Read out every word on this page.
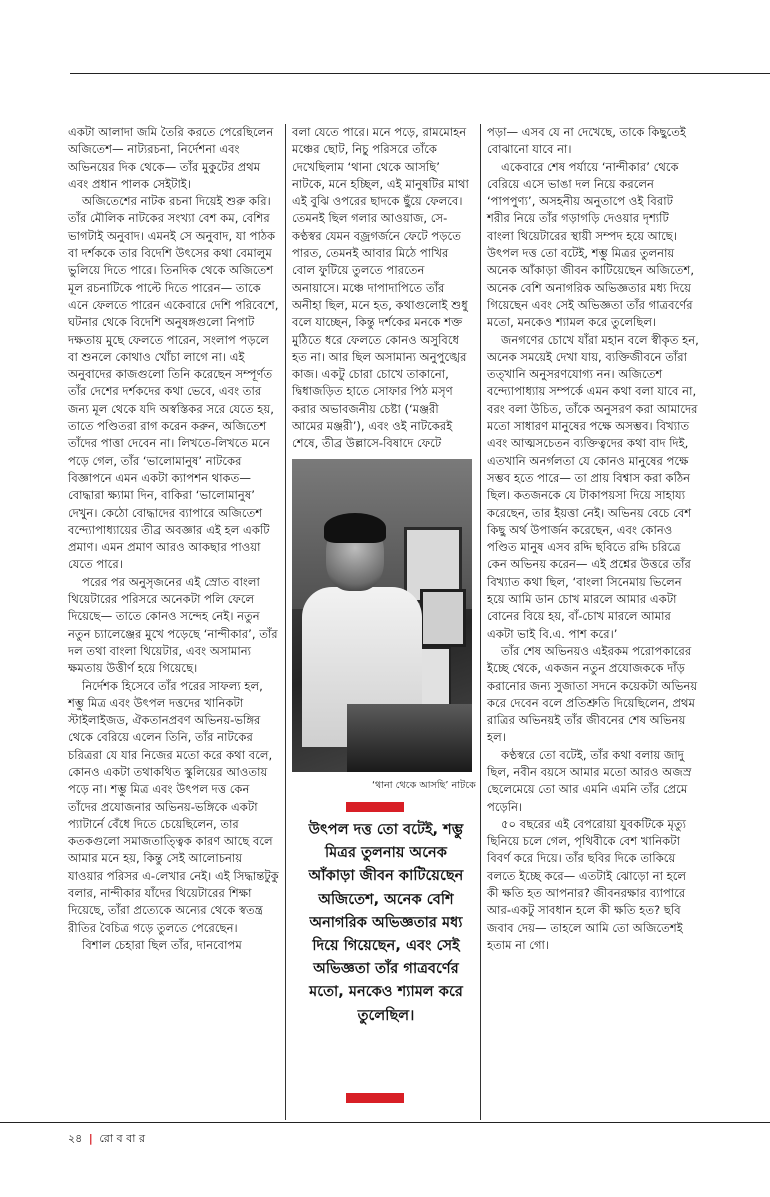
একটা আলাদা জমি তৈরি করতে পেরেছিলেন অজিতেশ— নাট্যরচনা, নির্দেশনা এবং অভিনয়ের দিক থেকে— তাঁর মুকুটের প্রথম এবং প্রধান পালক সেইটাই।

অজিতেশের নাটক রচনা দিয়েই শুরু করি। তাঁর মৌলিক নাটকের সংখ্যা বেশ কম, বেশির ভাগটাই অনুবাদ। এমনই সে অনুবাদ, যা পাঠক বা দর্শককে তার বিদেশি উৎসের কথা বেমালুম ভুলিয়ে দিতে পারে। তিনদিক থেকে অজিতেশ মূল রচনাটিকে পাল্টে দিতে পারেন— তাকে এনে ফেলতে পারেন একেবারে দেশি পরিবেশে, ঘটনার থেকে বিদেশি অনুষঙ্গগুলো নিপাট দক্ষতায় মুছে ফেলতে পারেন, সংলাপ পড়লে বা শুনলে কোথাও খোঁচা লাগে না। এই অনুবাদের কাজগুলো তিনি করেছেন সম্পূর্ণত তাঁর দেশের দর্শকদের কথা ভেবে, এবং তার জন্য মূল থেকে যদি অস্বস্তিকর সরে যেতে হয়, তাতে পণ্ডিতরা রাগ করেন করুন, অজিতেশ তাঁদের পাত্তা দেবেন না। লিখতে-লিখতে মনে পড়ে গেল, তাঁর ‘ভালোমানুষ’ নাটকের বিজ্ঞাপনে এমন একটা ক্যাপশন থাকত— বোদ্ধারা ক্ষ্যামা দিন, বাকিরা ‘ভালোমানুষ’ দেখুন। কেঠো বোদ্ধাদের ব্যাপারে অজিতেশ বন্দ্যোপাধ্যায়ের তীব্র অবজ্ঞার এই হল একটি প্রমাণ। এমন প্রমাণ আরও আকছার পাওয়া যেতে পারে।

পরের পর অনুসৃজনের এই স্রোত বাংলা থিয়েটারের পরিসরে অনেকটা পলি ফেলে দিয়েছে— তাতে কোনও সন্দেহ নেই। নতুন নতুন চ্যালেঞ্জের মুখে পড়েছে ‘নান্দীকার’, তাঁর দল তথা বাংলা থিয়েটার, এবং অসামান্য ক্ষমতায় উত্তীর্ণ হয়ে গিয়েছে।

নির্দেশক হিসেবে তাঁর পরের সাফল্য হল, শম্ভু মিত্র এবং উৎপল দত্তদের খানিকটা স্টাইলাইজড, ঐকতানপ্রবণ অভিনয়-ভঙ্গির থেকে বেরিয়ে এলেন তিনি, তাঁর নাটকের চরিত্ররা যে যার নিজের মতো করে কথা বলে, কোনও একটা তথাকথিত স্কুলিয়ের আওতায় পড়ে না। শম্ভু মিত্র এবং উৎপল দত্ত কেন তাঁদের প্রযোজনার অভিনয়-ভঙ্গিকে একটা প্যাটার্নে বেঁধে দিতে চেয়েছিলেন, তার কতকগুলো সমাজতাত্ত্বিক কারণ আছে বলে আমার মনে হয়, কিন্তু সেই আলোচনায় যাওয়ার পরিসর এ-লেখার নেই। এই সিদ্ধান্তটুকু বলার, নান্দীকার যাঁদের থিয়েটারের শিক্ষা দিয়েছে, তাঁরা প্রত্যেকে অন্যের থেকে স্বতন্ত্র রীতির বৈচিত্র গড়ে তুলতে পেরেছেন।

বিশাল চেহারা ছিল তাঁর, দানবোপম

বলা যেতে পারে। মনে পড়ে, রামমোহন মঞ্চের ছোট, নিচু পরিসরে তাঁকে দেখেছিলাম ‘থানা থেকে আসছি’ নাটকে, মনে হচ্ছিল, এই মানুষটির মাথা এই বুঝি ওপরের ছাদকে ছুঁয়ে ফেলবে। তেমনই ছিল গলার আওয়াজ, সে-কণ্ঠস্বর যেমন বজ্রগর্জনে ফেটে পড়তে পারত, তেমনই আবার মিঠে পাখির বোল ফুটিয়ে তুলতে পারতেন অনায়াসে। মঞ্চে দাপাদাপিতে তাঁর অনীহা ছিল, মনে হত, কথাগুলোই শুধু বলে যাচ্ছেন, কিন্তু দর্শকের মনকে শক্ত মুঠিতে ধরে ফেলতে কোনও অসুবিধে হত না। আর ছিল অসামান্য অনুপুঙ্খের কাজ। একটু চোরা চোখে তাকানো, দ্বিধাজড়িত হাতে সোফার পিঠ মসৃণ করার অভাবজনীয় চেষ্টা (‘মঞ্জরী আমের মঞ্জরী’), এবং ওই নাটকেরই শেষে, তীব্র উল্লাসে-বিষাদে ফেটে

‘থানা থেকে আসছি’ নাটকে
উৎপল দত্ত তো বটেই, শম্ভু মিত্রর তুলনায় অনেক আঁকাড়া জীবন কাটিয়েছেন অজিতেশ, অনেক বেশি অনাগরিক অভিজ্ঞতার মধ্য দিয়ে গিয়েছেন, এবং সেই অভিজ্ঞতা তাঁর গাত্রবর্ণের মতো, মনকেও শ্যামল করে তুলেছিল।

পড়া— এসব যে না দেখেছে, তাকে কিছুতেই বোঝানো যাবে না।

একেবারে শেষ পর্যায়ে ‘নান্দীকার’ থেকে বেরিয়ে এসে ভাঙা দল নিয়ে করলেন ‘পাপপুণ্য’, অসহনীয় অনুতাপে ওই বিরাট শরীর নিয়ে তাঁর গড়াগড়ি দেওয়ার দৃশ্যটি বাংলা থিয়েটারের স্থায়ী সম্পদ হয়ে আছে। উৎপল দত্ত তো বটেই, শম্ভু মিত্রর তুলনায় অনেক আঁকাড়া জীবন কাটিয়েছেন অজিতেশ, অনেক বেশি অনাগরিক অভিজ্ঞতার মধ্য দিয়ে গিয়েছেন এবং সেই অভিজ্ঞতা তাঁর গাত্রবর্ণের মতো, মনকেও শ্যামল করে তুলেছিল।

জনগণের চোখে যাঁরা মহান বলে স্বীকৃত হন, অনেক সময়েই দেখা যায়, ব্যক্তিজীবনে তাঁরা তত্খানি অনুসরণযোগ্য নন। অজিতেশ বন্দ্যোপাধ্যায় সম্পর্কে এমন কথা বলা যাবে না, বরং বলা উচিত, তাঁকে অনুসরণ করা আমাদের মতো সাধারণ মানুষের পক্ষে অসম্ভব। বিখ্যাত এবং আত্মসচেতন ব্যক্তিত্বদের কথা বাদ দিই, এতখানি অনর্গলতা যে কোনও মানুষের পক্ষে সম্ভব হতে পারে— তা প্রায় বিশ্বাস করা কঠিন ছিল। কতজনকে যে টাকাপয়সা দিয়ে সাহায্য করেছেন, তার ইয়ত্তা নেই। অভিনয় বেচে বেশ কিছু অর্থ উপার্জন করেছেন, এবং কোনও পণ্ডিত মানুষ এসব রদ্দি ছবিতে রদ্দি চরিত্রে কেন অভিনয় করেন— এই প্রশ্নের উত্তরে তাঁর বিখ্যাত কথা ছিল, ‘বাংলা সিনেমায় ভিলেন হয়ে আমি ডান চোখ মারলে আমার একটা বোনের বিয়ে হয়, বাঁ-চোখ মারলে আমার একটা ভাই বি.এ. পাশ করে।’

তাঁর শেষ অভিনয়ও এইরকম পরোপকারের ইচ্ছে থেকে, একজন নতুন প্রযোজককে দাঁড় করানোর জন্য সুজাতা সদনে কয়েকটা অভিনয় করে দেবেন বলে প্রতিশ্রুতি দিয়েছিলেন, প্রথম রাত্রির অভিনয়ই তাঁর জীবনের শেষ অভিনয় হল।

কণ্ঠস্বরে তো বটেই, তাঁর কথা বলায় জাদু ছিল, নবীন বয়সে আমার মতো আরও অজস্র ছেলেমেয়ে তো আর এমনি এমনি তাঁর প্রেমে পড়েনি।

৫০ বছরের এই বেপরোয়া যুবকটিকে মৃত্যু ছিনিয়ে চলে গেল, পৃথিবীকে বেশ খানিকটা বিবর্ণ করে দিয়ে। তাঁর ছবির দিকে তাকিয়ে বলতে ইচ্ছে করে— এতটাই ঝোড়ো না হলে কী ক্ষতি হত আপনার? জীবনরক্ষার ব্যাপারে আর-একটু সাবধান হলে কী ক্ষতি হত? ছবি জবাব দেয়— তাহলে আমি তো অজিতেশই হতাম না গো।

২৪ | রো ব বা র
